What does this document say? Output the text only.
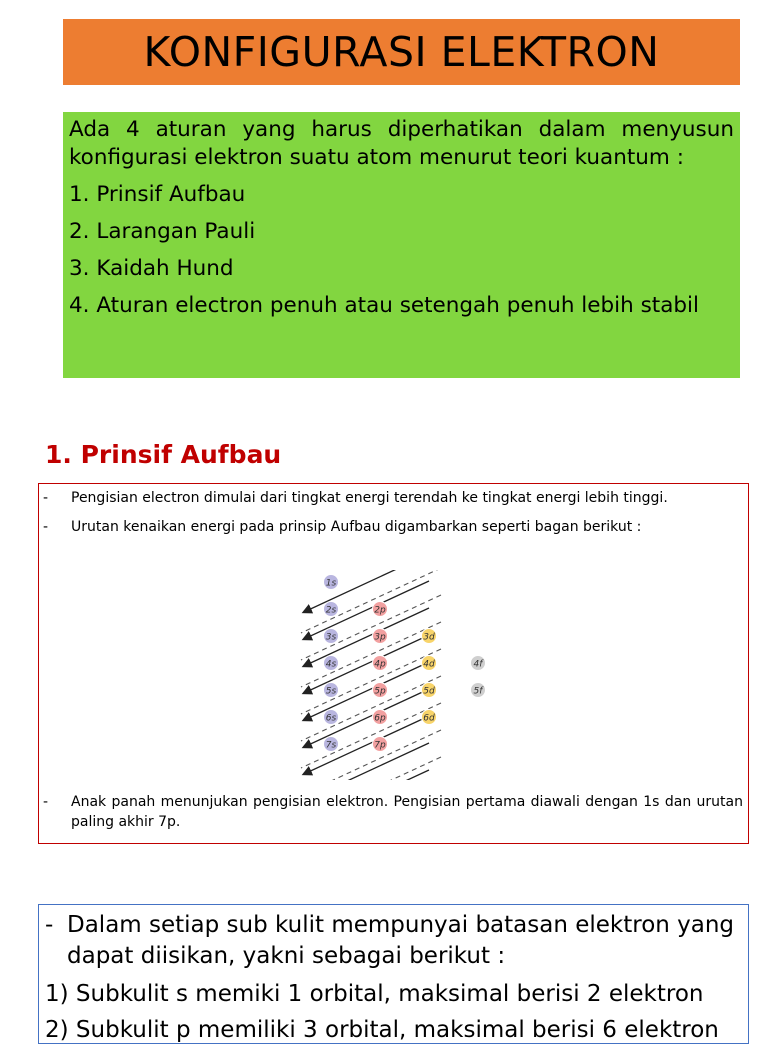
KONFIGURASI ELEKTRON

Ada 4 aturan yang harus diperhatikan dalam menyusun konfigurasi elektron suatu atom menurut teori kuantum :

1. Prinsif Aufbau
2. Larangan Pauli
3. Kaidah Hund
4. Aturan electron penuh atau setengah penuh lebih stabil
1. Prinsif Aufbau
-	Pengisian electron dimulai dari tingkat energi terendah ke tingkat energi lebih tinggi.
-	Urutan kenaikan energi pada prinsip Aufbau digambarkan seperti bagan berikut :
1s
2s	2p
3s	3p	3d
4s	4p	4d	4f
5s	5p	5d	5f
6s	6p	6d
7s	7p
-	Anak panah menunjukan pengisian elektron. Pengisian pertama diawali dengan 1s dan urutan paling akhir 7p.
- Dalam setiap sub kulit mempunyai batasan elektron yang dapat diisikan, yakni sebagai berikut :
1) Subkulit s memiki 1 orbital, maksimal berisi 2 elektron
2) Subkulit p memiliki 3 orbital, maksimal berisi 6 elektron
